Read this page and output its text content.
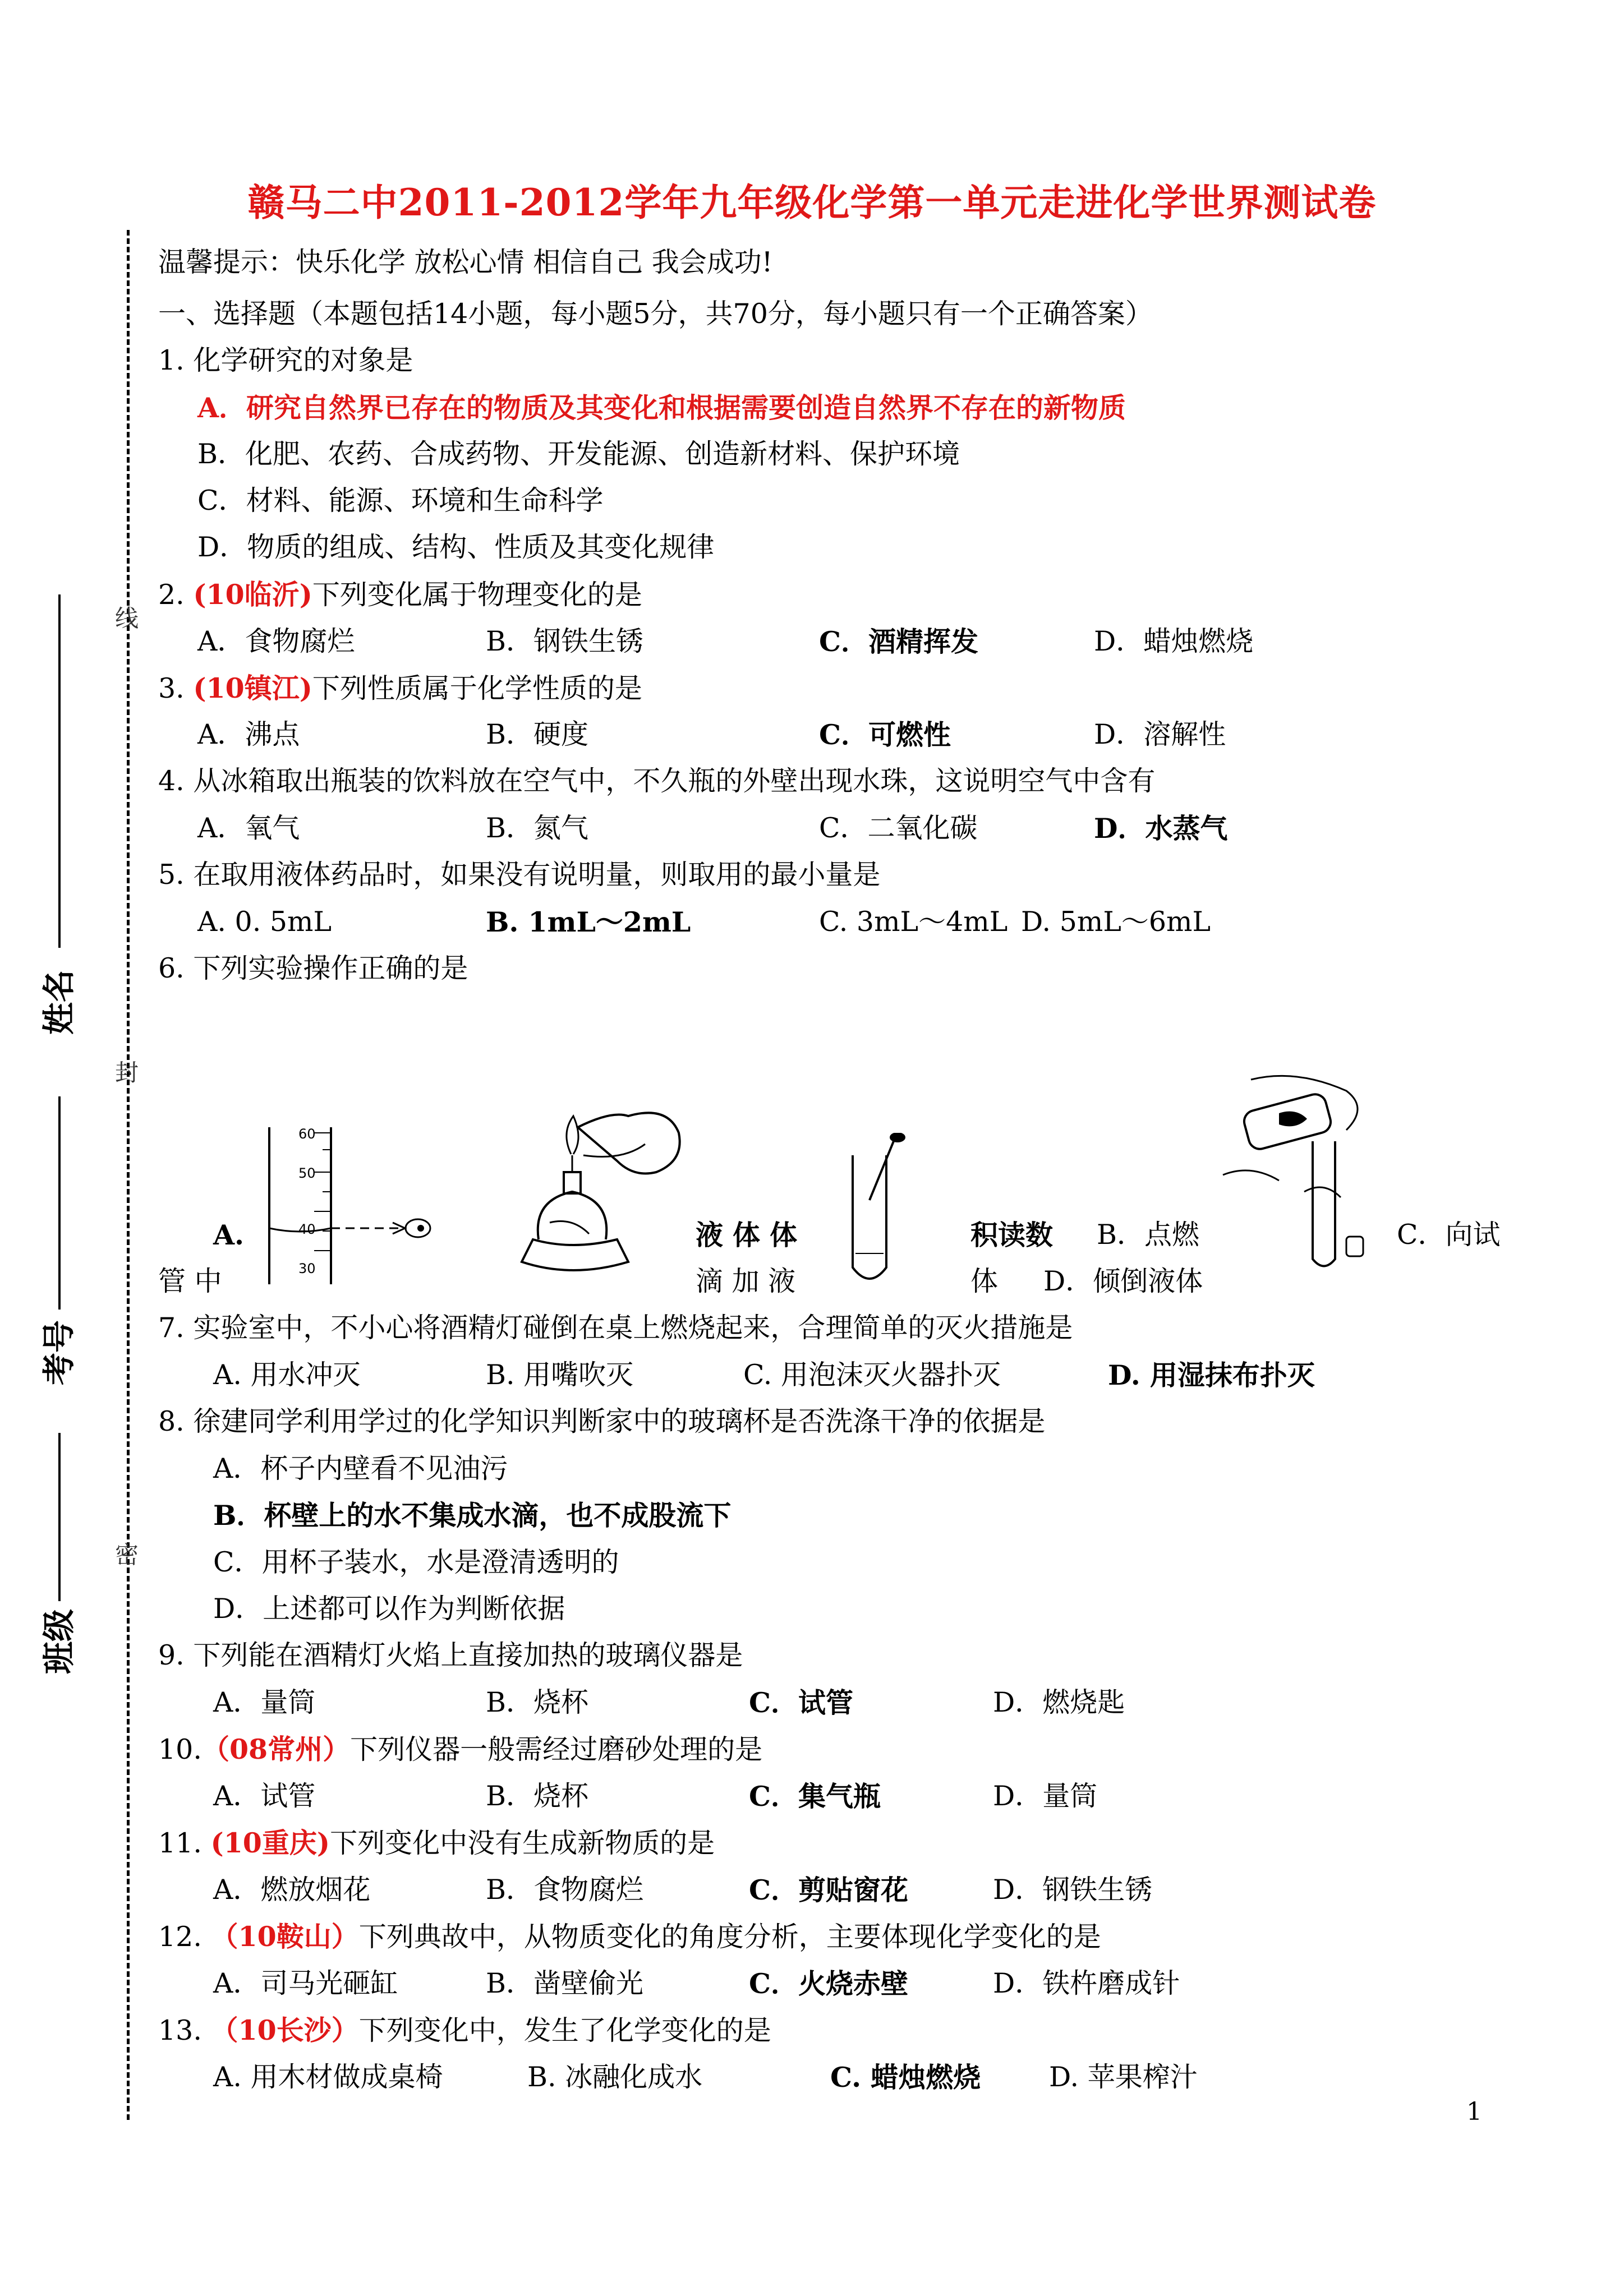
赣马二中2011-2012学年九年级化学第一单元走进化学世界测试卷
线
封
密
姓名
考号
班级
温馨提示：快乐化学 放松心情 相信自己 我会成功!
一、选择题（本题包括14小题，每小题5分，共70分，每小题只有一个正确答案）
1. 化学研究的对象是
A．研究自然界已存在的物质及其变化和根据需要创造自然界不存在的新物质
B．化肥、农药、合成药物、开发能源、创造新材料、保护环境
C．材料、能源、环境和生命科学
D．物质的组成、结构、性质及其变化规律
2. (10临沂)下列变化属于物理变化的是
A．食物腐烂	B．钢铁生锈	C．酒精挥发	D．蜡烛燃烧
3. (10镇江)下列性质属于化学性质的是
A．沸点	B．硬度	C．可燃性	D．溶解性
4. 从冰箱取出瓶装的饮料放在空气中，不久瓶的外壁出现水珠，这说明空气中含有
A．氧气	B．氮气	C．二氧化碳	D．水蒸气
5. 在取用液体药品时，如果没有说明量，则取用的最小量是
A. 0. 5mL	B. 1mL～2mL	C. 3mL～4mL D. 5mL～6mL
6. 下列实验操作正确的是
60
50
40
30
A.	液 体 体	积读数 B．点燃	C．向试
管 中	滴 加 液	体 D．倾倒液体
7. 实验室中，不小心将酒精灯碰倒在桌上燃烧起来，合理简单的灭火措施是
A. 用水冲灭	B. 用嘴吹灭	C. 用泡沫灭火器扑灭	D. 用湿抹布扑灭
8. 徐建同学利用学过的化学知识判断家中的玻璃杯是否洗涤干净的依据是
A．杯子内壁看不见油污
B．杯壁上的水不集成水滴，也不成股流下
C．用杯子装水，水是澄清透明的
D．上述都可以作为判断依据
9. 下列能在酒精灯火焰上直接加热的玻璃仪器是
A．量筒	B．烧杯	C．试管	D．燃烧匙
10.（08常州）下列仪器一般需经过磨砂处理的是
A．试管	B．烧杯	C．集气瓶	D．量筒
11. (10重庆)下列变化中没有生成新物质的是
A．燃放烟花	B．食物腐烂	C．剪贴窗花	D．钢铁生锈
12. （10鞍山）下列典故中，从物质变化的角度分析，主要体现化学变化的是
A．司马光砸缸	B．凿壁偷光	C．火烧赤壁	D．铁杵磨成针
13. （10长沙）下列变化中，发生了化学变化的是
A. 用木材做成桌椅	B. 冰融化成水	C. 蜡烛燃烧 D. 苹果榨汁
1
